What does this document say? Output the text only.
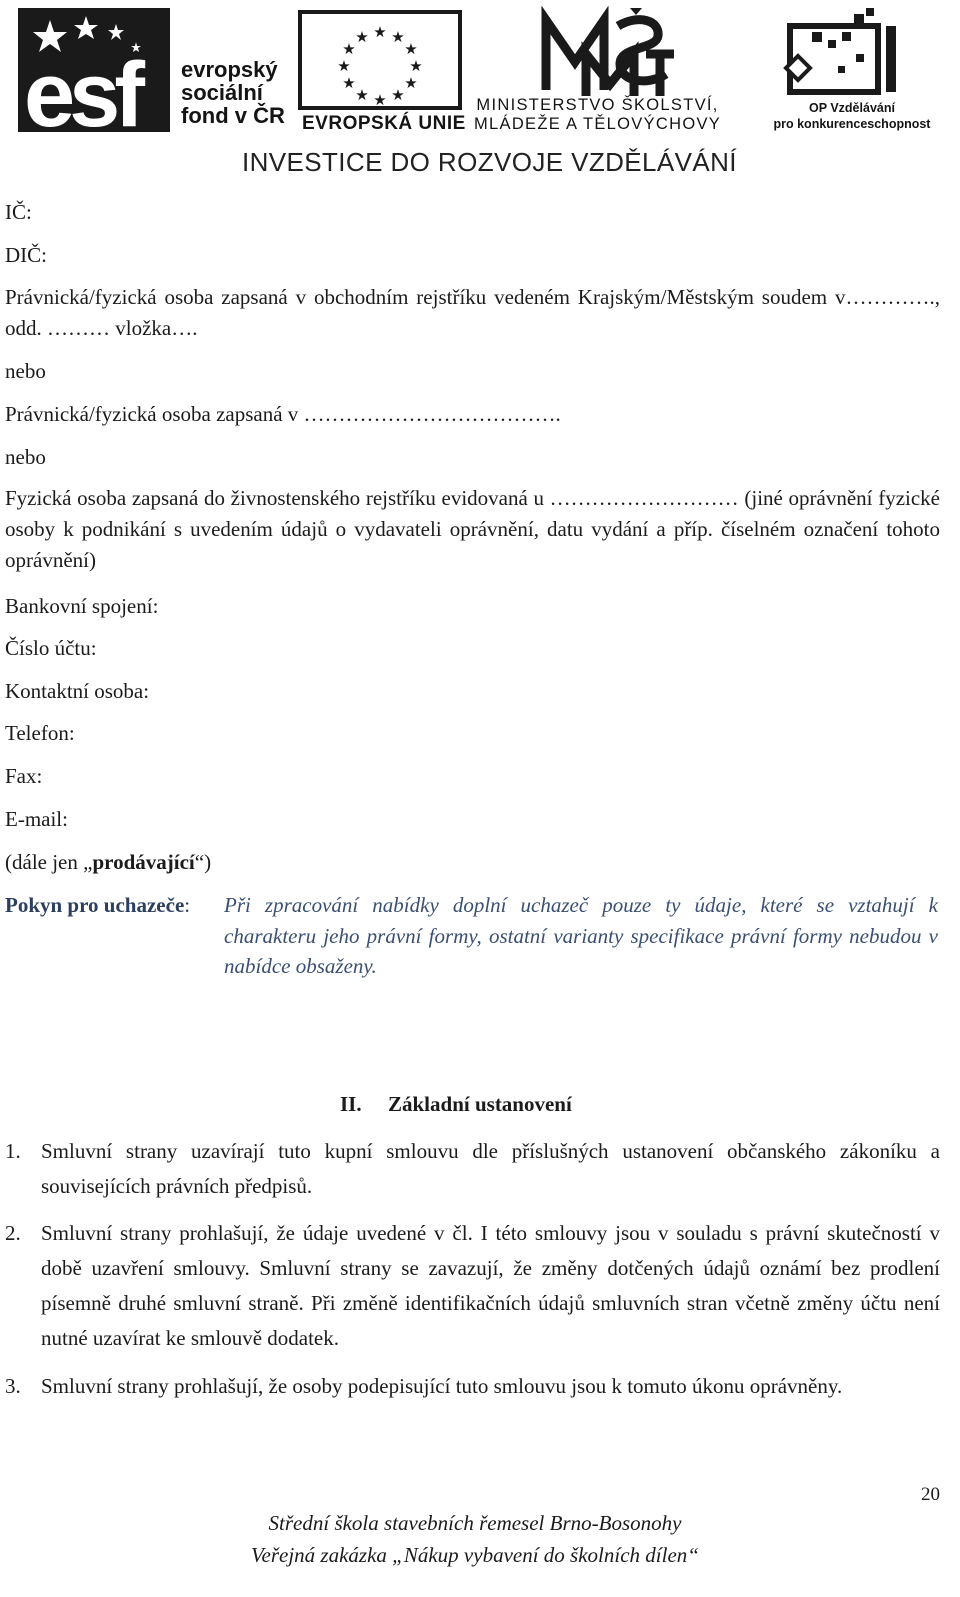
esf evropský
sociální
fond v ČR
★ ★
★
★
★
★
★
★
★
★
★
★
EVROPSKÁ UNIE
MINISTERSTVO ŠKOLSTVÍ,
MLÁDEŽE A TĚLOVÝCHOVY
2007-13
OP Vzdělávání
pro konkurenceschopnost
INVESTICE DO ROZVOJE VZDĚLÁVÁNÍ
IČ:
DIČ:
Právnická/fyzická osoba zapsaná v obchodním rejstříku vedeném Krajským/Městským soudem v…………., odd. ……… vložka….
nebo
Právnická/fyzická osoba zapsaná v ……………………………….
nebo
Fyzická osoba zapsaná do živnostenského rejstříku evidovaná u ……………………… (jiné oprávnění fyzické osoby k podnikání s uvedením údajů o vydavateli oprávnění, datu vydání a příp. číselném označení tohoto oprávnění)
Bankovní spojení:
Číslo účtu:
Kontaktní osoba:
Telefon:
Fax:
E-mail:
(dále jen „prodávající“)
Pokyn pro uchazeče: Při zpracování nabídky doplní uchazeč pouze ty údaje, které se vztahují k charakteru jeho právní formy, ostatní varianty specifikace právní formy nebudou v nabídce obsaženy.
II. Základní ustanovení
1. Smluvní strany uzavírají tuto kupní smlouvu dle příslušných ustanovení občanského zákoníku a souvisejících právních předpisů.
2. Smluvní strany prohlašují, že údaje uvedené v čl. I této smlouvy jsou v souladu s právní skutečností v době uzavření smlouvy. Smluvní strany se zavazují, že změny dotčených údajů oznámí bez prodlení písemně druhé smluvní straně. Při změně identifikačních údajů smluvních stran včetně změny účtu není nutné uzavírat ke smlouvě dodatek.
3. Smluvní strany prohlašují, že osoby podepisující tuto smlouvu jsou k tomuto úkonu oprávněny.
20
Střední škola stavebních řemesel Brno-Bosonohy
Veřejná zakázka „Nákup vybavení do školních dílen“
